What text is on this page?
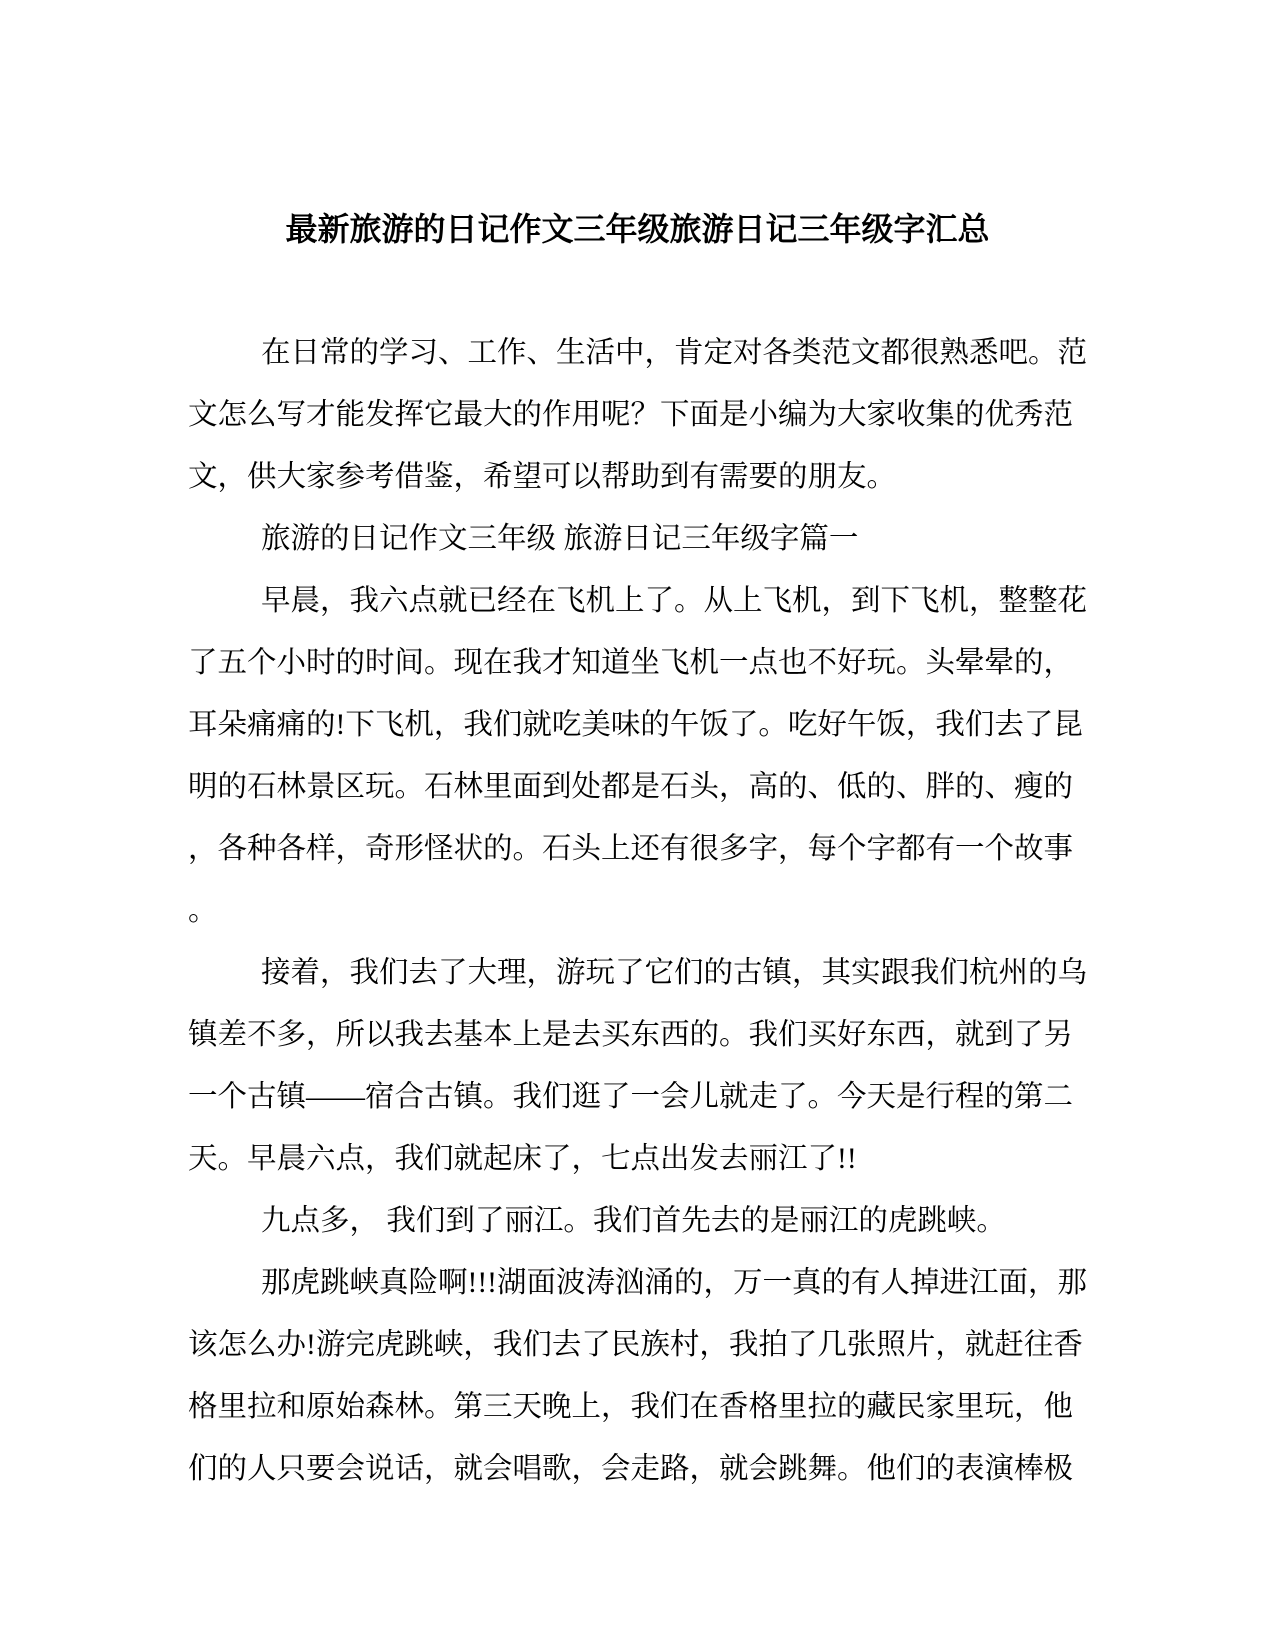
最新旅游的日记作文三年级旅游日记三年级字汇总
在日常的学习、工作、生活中，肯定对各类范文都很熟悉吧。范
文怎么写才能发挥它最大的作用呢？下面是小编为大家收集的优秀范
文，供大家参考借鉴，希望可以帮助到有需要的朋友。
旅游的日记作文三年级 旅游日记三年级字篇一
早晨，我六点就已经在飞机上了。从上飞机，到下飞机，整整花
了五个小时的时间。现在我才知道坐飞机一点也不好玩。头晕晕的，
耳朵痛痛的!下飞机，我们就吃美味的午饭了。吃好午饭，我们去了昆
明的石林景区玩。石林里面到处都是石头，高的、低的、胖的、瘦的
，各种各样，奇形怪状的。石头上还有很多字，每个字都有一个故事
。
接着，我们去了大理，游玩了它们的古镇，其实跟我们杭州的乌
镇差不多，所以我去基本上是去买东西的。我们买好东西，就到了另
一个古镇——宿合古镇。我们逛了一会儿就走了。今天是行程的第二
天。早晨六点，我们就起床了，七点出发去丽江了!!
九点多， 我们到了丽江。我们首先去的是丽江的虎跳峡。
那虎跳峡真险啊!!!湖面波涛汹涌的，万一真的有人掉进江面，那
该怎么办!游完虎跳峡，我们去了民族村，我拍了几张照片，就赶往香
格里拉和原始森林。第三天晚上，我们在香格里拉的藏民家里玩，他
们的人只要会说话，就会唱歌，会走路，就会跳舞。他们的表演棒极
